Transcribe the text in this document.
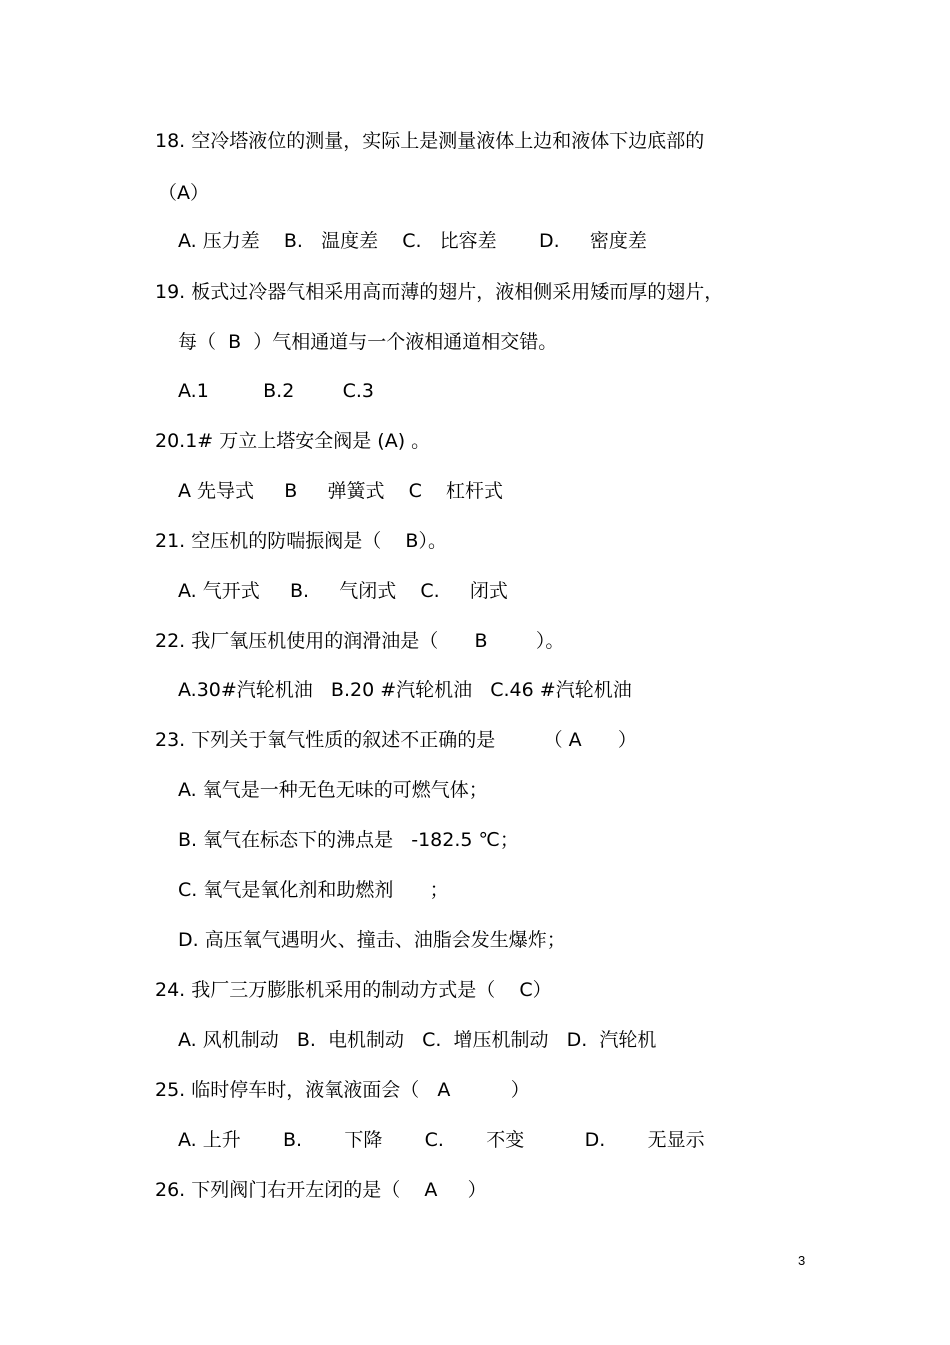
18. 空冷塔液位的测量，实际上是测量液体上边和液体下边底部的
（A）
A. 压力差    B.   温度差    C.   比容差       D.     密度差
19. 板式过冷器气相采用高而薄的翅片，液相侧采用矮而厚的翅片，
每（  B  ）气相通道与一个液相通道相交错。
A.1         B.2        C.3
20.1# 万立上塔安全阀是 (A) 。
A 先导式     B     弹簧式    C    杠杆式
21. 空压机的防喘振阀是（    B）。
A. 气开式     B.     气闭式    C.     闭式
22. 我厂氧压机使用的润滑油是（      B        ）。
A.30#汽轮机油   B.20 #汽轮机油   C.46 #汽轮机油
23. 下列关于氧气性质的叙述不正确的是        （ A      ）
A. 氧气是一种无色无味的可燃气体；
B. 氧气在标态下的沸点是   -182.5 ℃；
C. 氧气是氧化剂和助燃剂      ；
D. 高压氧气遇明火、撞击、油脂会发生爆炸；
24. 我厂三万膨胀机采用的制动方式是（    C）
A. 风机制动   B.  电机制动   C.  增压机制动   D.  汽轮机
25. 临时停车时，液氧液面会（   A          ）
A. 上升       B.       下降       C.       不变          D.       无显示
26. 下列阀门右开左闭的是（    A     ）
3
